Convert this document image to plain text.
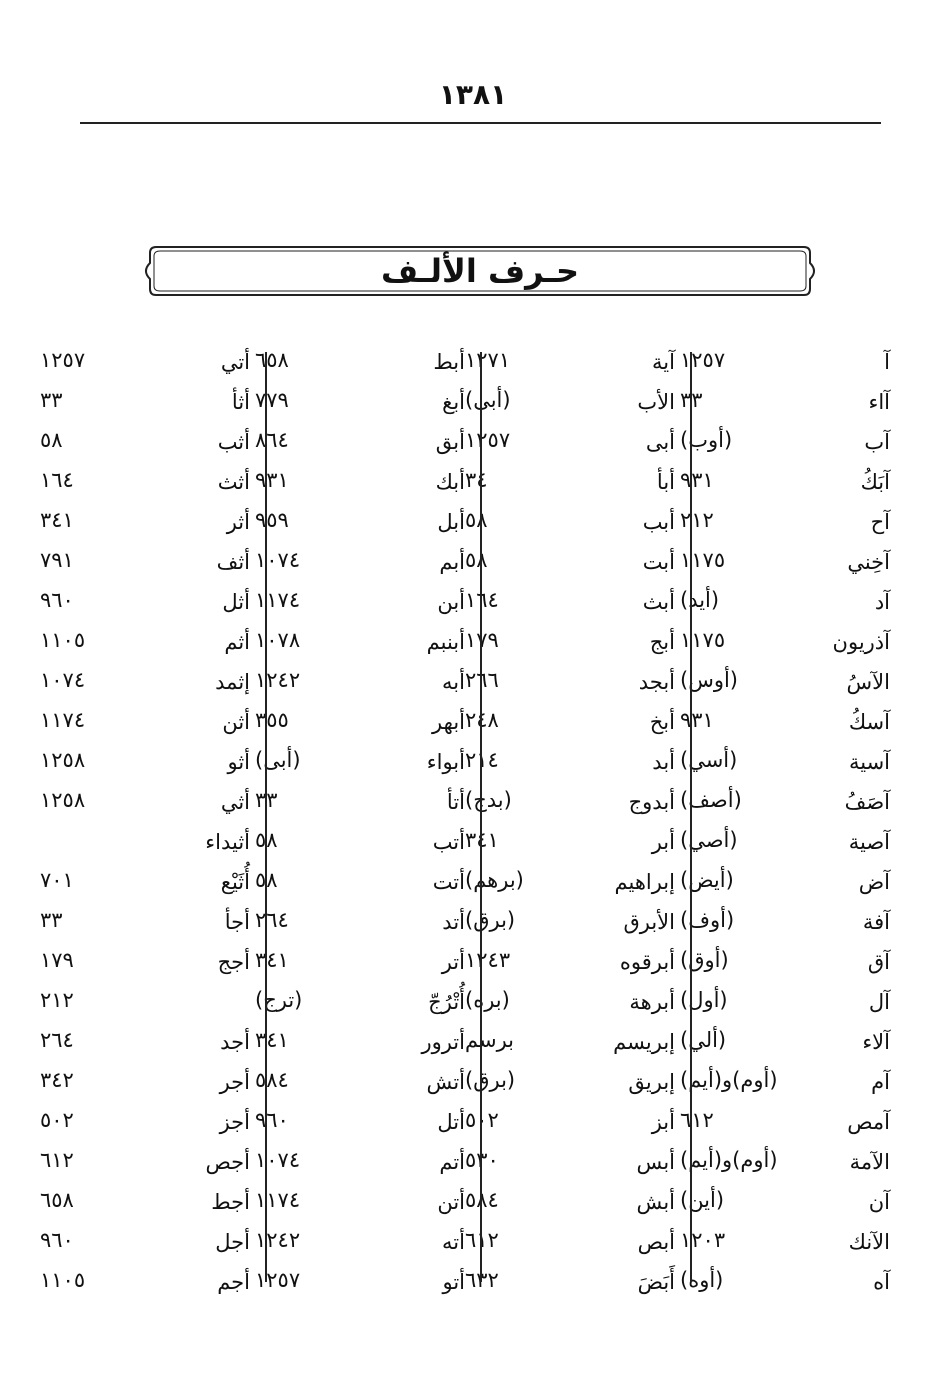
١٣٨١
حـرف الألـف
آ
١٢٥٧
آاء
٣٣
آب
(أوب)
آبَكُ
٩٣١
آح
٢١٢
آخِني
١١٧٥
آد
(أيد)
آذريون
١١٧٥
الآسُ
(أوس)
آسكُ
٩٣١
آسية
(أسي)
آصَفُ
(أصف)
آصية
(أصي)
آض
(أيض)
آفة
(أوف)
آق
(أوق)
آل
(أول)
آلاء
(ألي)
آم
(أوم)و(أيم)
آمص
٦١٢
الآمة
(أوم)و(أيم)
آن
(أين)
الآنك
١٢٠٣
آه
(أوه)
آية
١٢٧١
الأب
(أبى)
أبى
١٢٥٧
أبأ
٣٤
أبب
٥٨
أبت
٥٨
أبث
١٦٤
أبج
١٧٩
أبجد
٢٦٦
أبخ
٢٤٨
أبد
٢١٤
أبدوج
(بدج)
أبر
٣٤١
إبراهيم
(برهم)
الأبرق
(برق)
أبرقوه
١٢٤٣
أبرهة
(بره)
إبريسم
برسم
إبريق
(برق)
أبز
٥٠٢
أبس
٥٣٠
أبش
٥٨٤
أبص
٦١٢
أَبَضَ
٦٣٢
أبط
٦٥٨
أبغ
٧٧٩
أبق
٨٦٤
أبك
٩٣١
أبل
٩٥٩
أبم
١٠٧٤
أبن
١١٧٤
أبنبم
١٠٧٨
أبه
١٢٤٢
أبهر
٣٥٥
أبواء
(أبى)
أتأ
٣٣
أتب
٥٨
أتت
٥٨
أتد
٢٦٤
أتر
٣٤١
أُتْرُجّ
(ترج)
أترور
٣٤١
أتش
٥٨٤
أتل
٩٦٠
أتم
١٠٧٤
أتن
١١٧٤
أته
١٢٤٢
أتو
١٢٥٧
أتي
١٢٥٧
أثأ
٣٣
أثب
٥٨
أثث
١٦٤
أثر
٣٤١
أثف
٧٩١
أثل
٩٦٠
أثم
١١٠٥
إثمد
١٠٧٤
أثن
١١٧٤
أثو
١٢٥٨
أثي
١٢٥٨
أثيداء
أُثَيْع
٧٠١
أجأ
٣٣
أجج
١٧٩
٢١٢
أجد
٢٦٤
أجر
٣٤٢
أجز
٥٠٢
أجص
٦١٢
أجط
٦٥٨
أجل
٩٦٠
أجم
١١٠٥
